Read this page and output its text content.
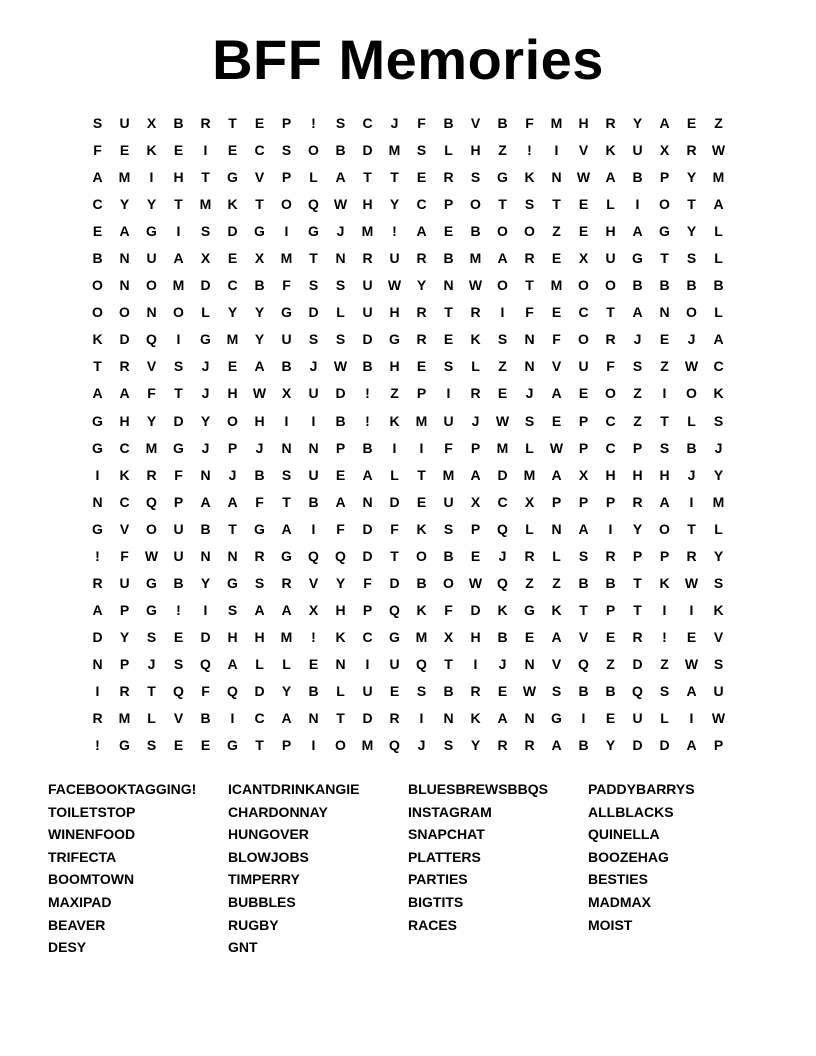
BFF Memories
S	U	X	B	R	T	E	P	!	S	C	J	F	B	V	B	F	M	H	R	Y	A	E	Z
F	E	K	E	I	E	C	S	O	B	D	M	S	L	H	Z	!	I	V	K	U	X	R	W
A	M	I	H	T	G	V	P	L	A	T	T	E	R	S	G	K	N	W	A	B	P	Y	M
C	Y	Y	T	M	K	T	O	Q	W	H	Y	C	P	O	T	S	T	E	L	I	O	T	A
E	A	G	I	S	D	G	I	G	J	M	!	A	E	B	O	O	Z	E	H	A	G	Y	L
B	N	U	A	X	E	X	M	T	N	R	U	R	B	M	A	R	E	X	U	G	T	S	L
O	N	O	M	D	C	B	F	S	S	U	W	Y	N	W	O	T	M	O	O	B	B	B	B
O	O	N	O	L	Y	Y	G	D	L	U	H	R	T	R	I	F	E	C	T	A	N	O	L
K	D	Q	I	G	M	Y	U	S	S	D	G	R	E	K	S	N	F	O	R	J	E	J	A
T	R	V	S	J	E	A	B	J	W	B	H	E	S	L	Z	N	V	U	F	S	Z	W	C
A	A	F	T	J	H	W	X	U	D	!	Z	P	I	R	E	J	A	E	O	Z	I	O	K
G	H	Y	D	Y	O	H	I	I	B	!	K	M	U	J	W	S	E	P	C	Z	T	L	S
G	C	M	G	J	P	J	N	N	P	B	I	I	F	P	M	L	W	P	C	P	S	B	J
I	K	R	F	N	J	B	S	U	E	A	L	T	M	A	D	M	A	X	H	H	H	J	Y
N	C	Q	P	A	A	F	T	B	A	N	D	E	U	X	C	X	P	P	P	R	A	I	M
G	V	O	U	B	T	G	A	I	F	D	F	K	S	P	Q	L	N	A	I	Y	O	T	L
!	F	W	U	N	N	R	G	Q	Q	D	T	O	B	E	J	R	L	S	R	P	P	R	Y
R	U	G	B	Y	G	S	R	V	Y	F	D	B	O	W	Q	Z	Z	B	B	T	K	W	S
A	P	G	!	I	S	A	A	X	H	P	Q	K	F	D	K	G	K	T	P	T	I	I	K
D	Y	S	E	D	H	H	M	!	K	C	G	M	X	H	B	E	A	V	E	R	!	E	V
N	P	J	S	Q	A	L	L	E	N	I	U	Q	T	I	J	N	V	Q	Z	D	Z	W	S
I	R	T	Q	F	Q	D	Y	B	L	U	E	S	B	R	E	W	S	B	B	Q	S	A	U
R	M	L	V	B	I	C	A	N	T	D	R	I	N	K	A	N	G	I	E	U	L	I	W
!	G	S	E	E	G	T	P	I	O	M	Q	J	S	Y	R	R	A	B	Y	D	D	A	P
FACEBOOKTAGGING!
TOILETSTOP
WINENFOOD
TRIFECTA
BOOMTOWN
MAXIPAD
BEAVER
DESY
ICANTDRINKANGIE
CHARDONNAY
HUNGOVER
BLOWJOBS
TIMPERRY
BUBBLES
RUGBY
GNT
BLUESBREWSBBQS
INSTAGRAM
SNAPCHAT
PLATTERS
PARTIES
BIGTITS
RACES
PADDYBARRYS
ALLBLACKS
QUINELLA
BOOZEHAG
BESTIES
MADMAX
MOIST
